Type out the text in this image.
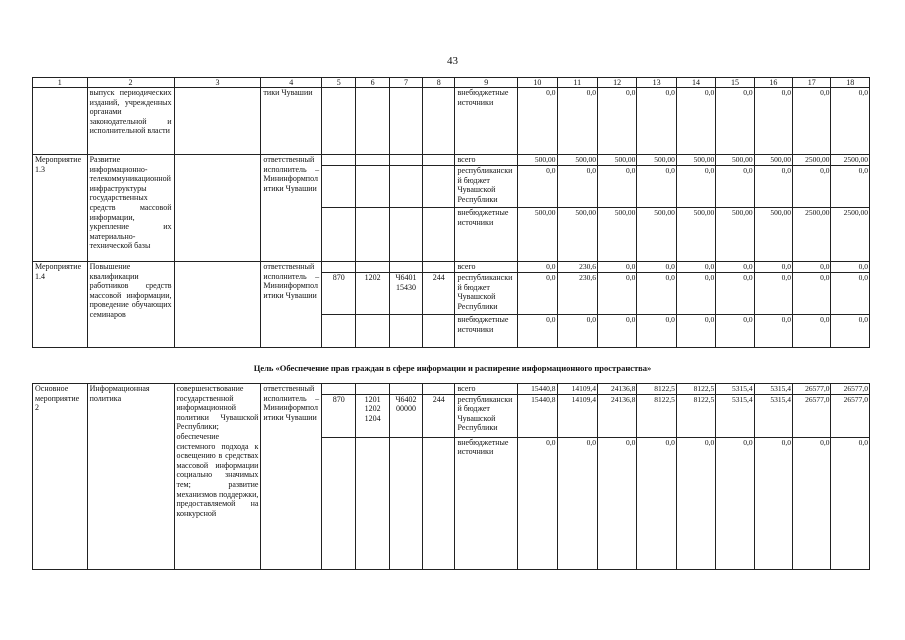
43
1	2	3	4	5	6	7	8	9	10	11	12	13	14	15	16	17	18
	выпуск периодических изданий, учрежденных органами законодательной и исполнительной власти		тики Чувашии					внебюджетные источники	0,0	0,0	0,0	0,0	0,0	0,0	0,0	0,0	0,0
Мероприятие 1.3	Развитие информационно-телекоммуникационной инфраструктуры государственных средств массовой информации, укрепление их материально-технической базы		ответственный исполнитель – Мининформполитики Чувашии					всего	500,00	500,00	500,00	500,00	500,00	500,00	500,00	2500,00	2500,00
								республиканский бюджет Чувашской Республики	0,0	0,0	0,0	0,0	0,0	0,0	0,0	0,0	0,0
								внебюджетные источники	500,00	500,00	500,00	500,00	500,00	500,00	500,00	2500,00	2500,00
Мероприятие 1.4	Повышение квалификации работников средств массовой информации, проведение обучающих семинаров		ответственный исполнитель – Мининформполитики Чувашии					всего	0,0	230,6	0,0	0,0	0,0	0,0	0,0	0,0	0,0
				870	1202	Ч6401 15430	244	республиканский бюджет Чувашской Республики	0,0	230,6	0,0	0,0	0,0	0,0	0,0	0,0	0,0
								внебюджетные источники	0,0	0,0	0,0	0,0	0,0	0,0	0,0	0,0	0,0
Цель «Обеспечение прав граждан в сфере информации и распирение информационного пространства»
Основное мероприятие 2	Информационная политика	совершенствование государственной информационной политики Чувашской Республики; обеспечение системного подхода к освещению в средствах массовой информации социально значимых тем; развитие механизмов поддержки, предоставляемой на конкурсной	ответственный исполнитель – Мининформполитики Чувашии					всего	15440,8	14109,4	24136,8	8122,5	8122,5	5315,4	5315,4	26577,0	26577,0
				870	1201 1202 1204	Ч6402 00000	244	республиканский бюджет Чувашской Республики	15440,8	14109,4	24136,8	8122,5	8122,5	5315,4	5315,4	26577,0	26577,0
								внебюджетные источники	0,0	0,0	0,0	0,0	0,0	0,0	0,0	0,0	0,0
